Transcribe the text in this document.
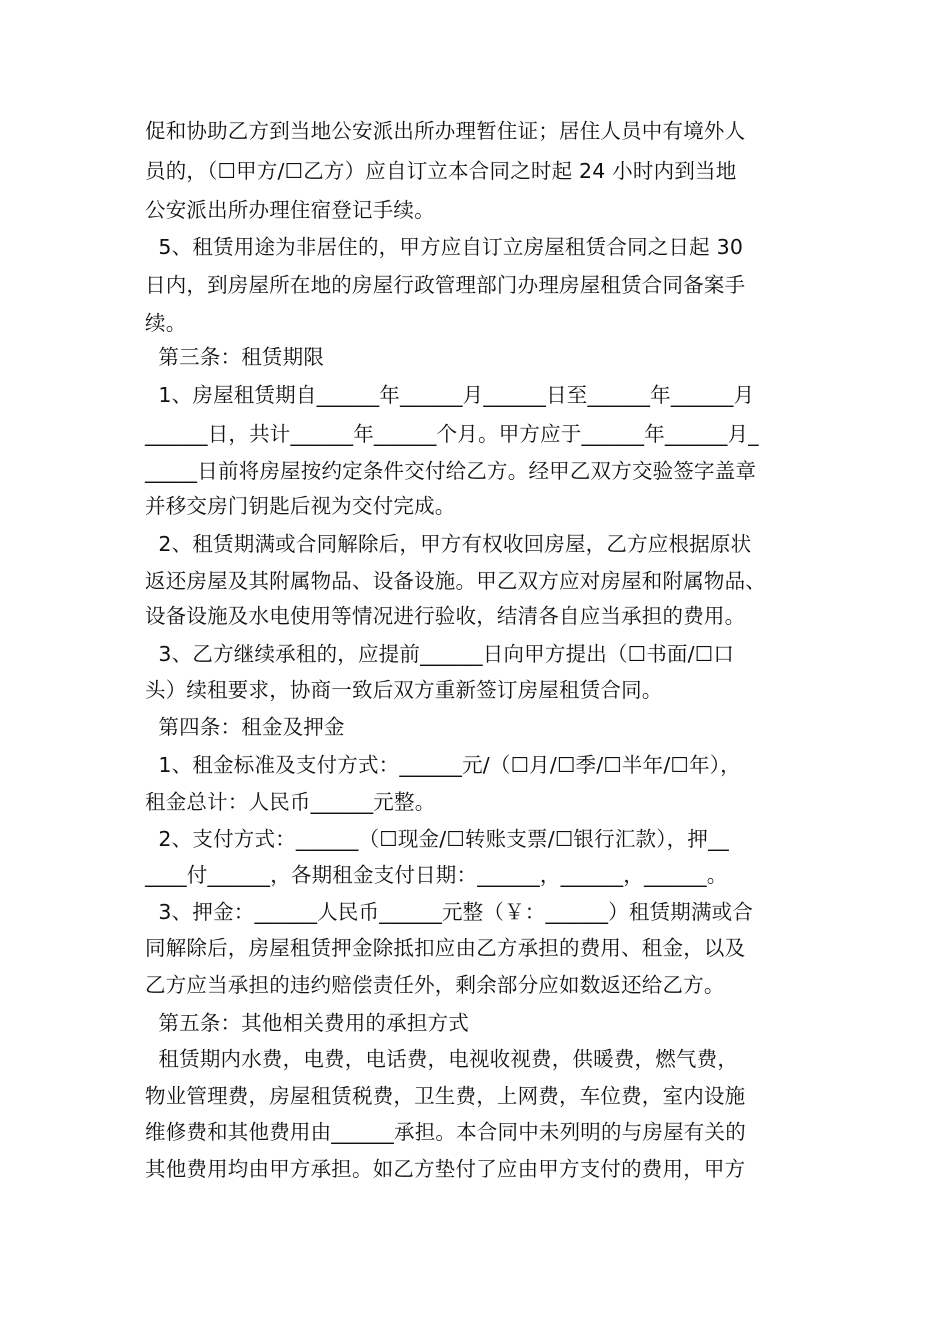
促和协助乙方到当地公安派出所办理暂住证；居住人员中有境外人
员的，（☐甲方/☐乙方）应自订立本合同之时起 24 小时内到当地
公安派出所办理住宿登记手续。
5、租赁用途为非居住的，甲方应自订立房屋租赁合同之日起 30
日内，到房屋所在地的房屋行政管理部门办理房屋租赁合同备案手
续。
第三条：租赁期限
1、房屋租赁期自______年______月______日至______年______月
______日，共计______年______个月。甲方应于______年______月_
_____日前将房屋按约定条件交付给乙方。经甲乙双方交验签字盖章
并移交房门钥匙后视为交付完成。
2、租赁期满或合同解除后，甲方有权收回房屋，乙方应根据原状
返还房屋及其附属物品、设备设施。甲乙双方应对房屋和附属物品、
设备设施及水电使用等情况进行验收，结清各自应当承担的费用。
3、乙方继续承租的，应提前______日向甲方提出（☐书面/☐口
头）续租要求，协商一致后双方重新签订房屋租赁合同。
第四条：租金及押金
1、租金标准及支付方式：______元/（☐月/☐季/☐半年/☐年），
租金总计：人民币______元整。
2、支付方式：______（☐现金/☐转账支票/☐银行汇款），押__
____付______，各期租金支付日期：______，______，______。
3、押金：______人民币______元整（￥：______）租赁期满或合
同解除后，房屋租赁押金除抵扣应由乙方承担的费用、租金，以及
乙方应当承担的违约赔偿责任外，剩余部分应如数返还给乙方。
第五条：其他相关费用的承担方式
租赁期内水费，电费，电话费，电视收视费，供暖费，燃气费，
物业管理费，房屋租赁税费，卫生费，上网费，车位费，室内设施
维修费和其他费用由______承担。本合同中未列明的与房屋有关的
其他费用均由甲方承担。如乙方垫付了应由甲方支付的费用，甲方
